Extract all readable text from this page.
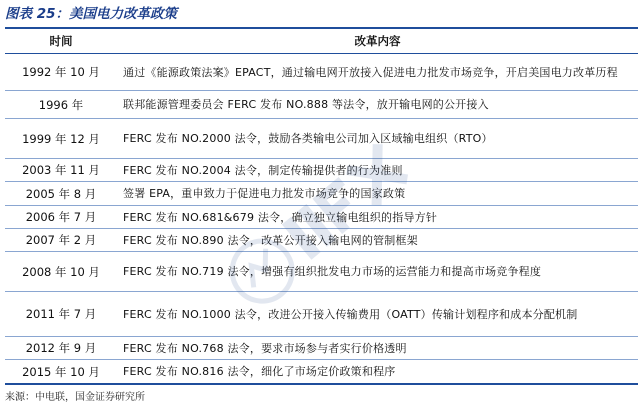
图表 25：美国电力改革政策
时间	改革内容
1992 年 10 月	通过《能源政策法案》EPACT，通过输电网开放接入促进电力批发市场竞争，开启美国电力改革历程
1996 年	联邦能源管理委员会 FERC 发布 NO.888 等法令，放开输电网的公开接入
1999 年 12 月	FERC 发布 NO.2000 法令，鼓励各类输电公司加入区域输电组织（RTO）
2003 年 11 月	FERC 发布 NO.2004 法令，制定传输提供者的行为准则
2005 年 8 月	签署 EPA，重申致力于促进电力批发市场竞争的国家政策
2006 年 7 月	FERC 发布 NO.681&679 法令，确立独立输电组织的指导方针
2007 年 2 月	FERC 发布 NO.890 法令，改革公开接入输电网的管制框架
2008 年 10 月	FERC 发布 NO.719 法令，增强有组织批发电力市场的运营能力和提高市场竞争程度
2011 年 7 月	FERC 发布 NO.1000 法令，改进公开接入传输费用（OATT）传输计划程序和成本分配机制
2012 年 9 月	FERC 发布 NO.768 法令，要求市场参与者实行价格透明
2015 年 10 月	FERC 发布 NO.816 法令，细化了市场定价政策和程序
来源：中电联，国金证券研究所
